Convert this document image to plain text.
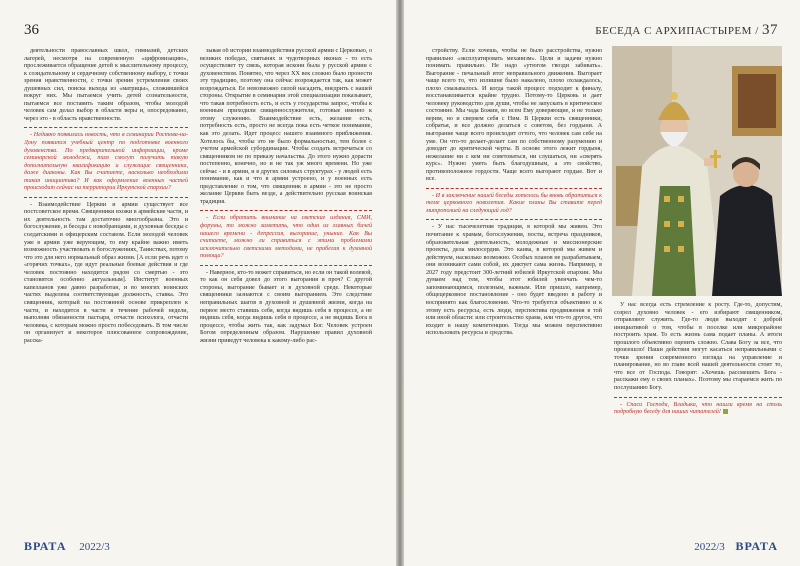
36

деятельности православных школ, гимназий, детских лагерей, несмотря на современную «цифровизацию», прослеживается обращение детей к мыслительному процессу, к созидательному и сердечному собственному выбору, с точки зрения нравственности, с точки зрения устремления своих душевных сил, поиска выхода из «матрицы», сложившейся вокруг них. Мы пытаемся учить детей сознательности, пытаемся все поставить таким образом, чтобы молодой человек сам делал выбор в области веры и, опосредованно, через это - в область нравственности.

- Недавно появилась новость, что в семинарии Ростова-на-Дону появится учебный центр по подготовке военного духовенства. По предварительной информации, кроме семинарской молодежи, там смогут получить такую дополнительную квалификацию и служащие священники, даже диаконы. Как Вы считаете, насколько необходима такая инициатива? И как оформление военных частей происходит сейчас на территории Иркутской епархии?

- Взаимодействие Церкви и армии существует все постсоветское время. Священники вхожи в армейские части, и их деятельность там достаточно многообразна. Это и богослужение, и беседы с новобранцами, и духовные беседы с солдатскими и офицерским составом. Если молодой человек уже в армии уже верующим, то ему крайне важно иметь возможность участвовать в богослужениях, Таинствах, потому что это для него нормальный образ жизни. [А если речь идет о «горячих точках», где идут реальные боевые действия и где человек постоянно находится рядом со смертью - это становится особенно актуальным]. Институт военных капелланов уже давно разработан, и во многих воинских частях выделена соответствующая должность, ставка. Это священник, который на постоянной основе прикреплен к части, и находится в части в течение рабочей недели, выполняя обязанности пастыря, отчасти психолога, отчасти человека, с которым можно просто побеседовать. В том числе он организует и некоторое плюсованное сопровождение, расска-

зывая об истории взаимодействия русской армии с Церковью, о великих победах, святынях и чудотворных иконах - то есть осуществляет ту связь, которая искони была у русской армии с духовенством. Понятно, что через XX век сложно было пронести эту традицию, поэтому она сейчас возрождается так, как может возрождаться. Ее невозможно силой насадить, внедрить с нашей стороны. Открытие в семинарии этой специализации показывает, что такая потребность есть, и есть у государства запрос, чтобы к военным приходили священнослужители, готовые именно к этому служению. Взаимодействие есть, желание есть, потребность есть, просто не всегда пока есть четкое понимание, как это делать. Идет процесс нашего взаимного приближения. Хотелось бы, чтобы это не было формальностью, тем более с учетом армейской субординации. Чтобы создать встречаться со священником не по приказу начальства. До этого нужно дорасти постепенно, конечно, но и не так уж много времени. Но уже сейчас - и в армии, и в других силовых структурах - у людей есть понимание, как и что в армии устроено, и у военных есть представление о том, что священник в армии - это не просто желание Церкви быть везде, а действительно русская воинская традиция.

- Если обратить внимание на светские издания, СМИ, форумы, то можно заметить, что один из главных бичей нашего времени - депрессия, выгорание, уныние. Как Вы считаете, можно ли справиться с этими проблемами исключительно светскими методами, не прибегая к духовной помощи?

- Наверное, кто-то может справиться, но если он такой волевой, то как он себя довел до этого выгорания и проч? С другой стороны, выгорание бывает и в духовной среде. Некоторые священники зазнаются с своим выгоранием. Это следствие неправильных шагов в духовной и душевной жизни, когда на первое место ставишь себя, когда видишь себя в процессе, а не видишь себя, когда видишь себя в процессе, а не видишь Бога в процессе, чтобы жить так, как задумал Бог. Человек устроен Богом определенным образом. Нарушение правил духовной жизни приведут человека к какому-либо рас-

ВРАТА 2022/3
БЕСЕДА С АРХИПАСТЫРЕМ / 37

стройству. Если хочешь, чтобы не было расстройства, нужно правильно «эксплуатировать механизм». Цели и задачи нужно понимать правильно. Не надо «утюгом гвозди забивать». Выгорание - печальный итог неправильного движения. Выгорает чаще всего то, что излишне было накалено, плохо охлаждалось, плохо смазывалось. И когда такой процесс подходит к финалу, восстанавливается крайне трудно. Потому-то Церковь и дает человеку руководство для души, чтобы не запускать в критическое состояние. Мы чада Божии, во всем Ему доверяющие, и не только верим, но и сверяем себя с Ним. В Церкви есть священники, собратья, и все должно делаться с советом, без гордыни. А выгорание чаще всего происходит оттого, что человек сам себе на уме. Он что-то делает-делает сам по собственному разумению и доводит до критической черты. В основе этого лежит гордыня, нежелание ни с кем ни советоваться, ни слушаться, ни «сверять курс». Нужно уметь быть благодушным, а это свойство, противоположное гордости. Чаще всего выгорают гордые. Вот и все.

- И в заключение нашей беседы хотелось бы вновь обратиться к теме церковного новолетия. Какие планы Вы ставите перед митрополией на следующий год?

- У нас тысячелетняя традиция, в которой мы живем. Это почитание к храмам, богослужения, посты, встреча праздников, образовательная деятельность, молодежные и миссионерские проекты, дела милосердия. Это канва, в которой мы живем и действуем, насколько возможно. Особых планов не разрабатываем, они возникают сами собой, их диктует сама жизнь. Например, в 2027 году предстоит 300-летний юбилей Иркутской епархии. Мы думаем над тем, чтобы этот юбилей увенчать чем-то запоминающимся, полезным, важным. Или пришло, например, общецерковное постановление - оно будет введено в работу и воспринято как благословение. Что-то требуется объективно и к этому есть ресурсы, есть люди, перспектива продвижения в той или иной области: или строительство храма, или что-то другое, что входит в нашу компетенцию. Тогда мы можем перспективно использовать ресурсы и средства.

У нас всегда есть стремление к росту. Где-то, допустим, созрел духовно человек - его избирают священником, отправляют служить. Где-то люди выходят с доброй инициативой о том, чтобы в поселке или микрорайоне построить храм. То есть жизнь сама подает планы. А итоги прошлого объективно оценить сложно. Слава Богу за все, что произошло! Наши действия могут касаться неправильными с точки зрения современного взгляда на управление и планирование, но во главе всей нашей деятельности стоит то, что все от Господа. Говорят: «Хочешь рассмешить Бога - расскажи ему о своих планах». Поэтому мы стараемся жить по послушанию Богу.

- Спаси Господи, Владыка, что нашли время на столь подробную беседу для наших читателей!

2022/3 ВРАТА
